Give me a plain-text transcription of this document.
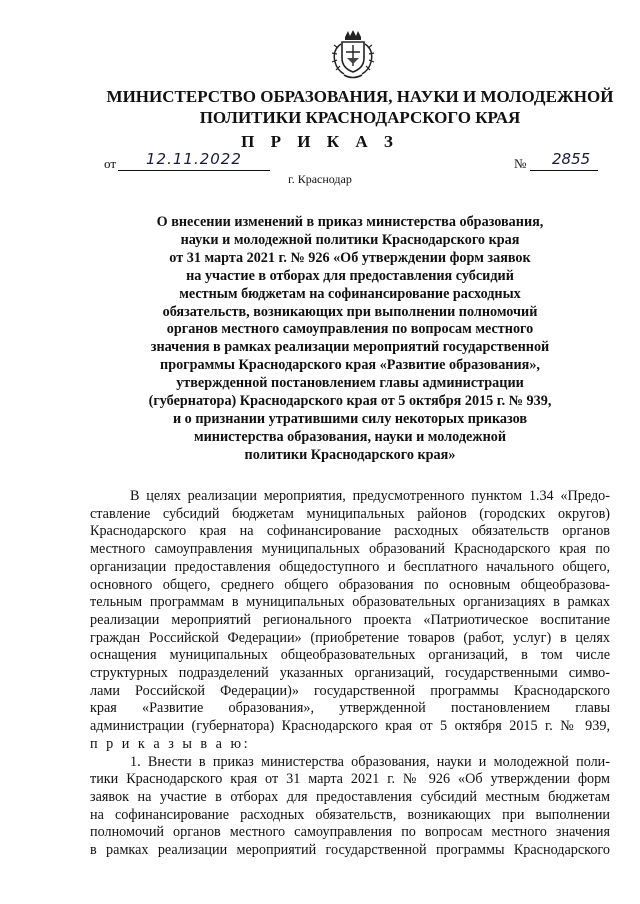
МИНИСТЕРСТВО ОБРАЗОВАНИЯ, НАУКИ И МОЛОДЕЖНОЙ
ПОЛИТИКИ КРАСНОДАРСКОГО КРАЯ
П Р И К А З
от 12.11.2022	№ 2855
г. Краснодар
О внесении изменений в приказ министерства образования,
науки и молодежной политики Краснодарского края
от 31 марта 2021 г. № 926 «Об утверждении форм заявок
на участие в отборах для предоставления субсидий
местным бюджетам на софинансирование расходных
обязательств, возникающих при выполнении полномочий
органов местного самоуправления по вопросам местного
значения в рамках реализации мероприятий государственной
программы Краснодарского края «Развитие образования»,
утвержденной постановлением главы администрации
(губернатора) Краснодарского края от 5 октября 2015 г. № 939,
и о признании утратившими силу некоторых приказов
министерства образования, науки и молодежной
политики Краснодарского края»
В целях реализации мероприятия, предусмотренного пунктом 1.34 «Предо-
ставление субсидий бюджетам муниципальных районов (городских округов)
Краснодарского края на софинансирование расходных обязательств органов
местного самоуправления муниципальных образований Краснодарского края по
организации предоставления общедоступного и бесплатного начального общего,
основного общего, среднего общего образования по основным общеобразова-
тельным программам в муниципальных образовательных организациях в рамках
реализации мероприятий регионального проекта «Патриотическое воспитание
граждан Российской Федерации» (приобретение товаров (работ, услуг) в целях
оснащения муниципальных общеобразовательных организаций, в том числе
структурных подразделений указанных организаций, государственными симво-
лами Российской Федерации)» государственной программы Краснодарского
края «Развитие образования», утвержденной постановлением главы
администрации (губернатора) Краснодарского края от 5 октября 2015 г. № 939,
п р и к а з ы в а ю:
1. Внести в приказ министерства образования, науки и молодежной поли-
тики Краснодарского края от 31 марта 2021 г. № 926 «Об утверждении форм
заявок на участие в отборах для предоставления субсидий местным бюджетам
на софинансирование расходных обязательств, возникающих при выполнении
полномочий органов местного самоуправления по вопросам местного значения
в рамках реализации мероприятий государственной программы Краснодарского
